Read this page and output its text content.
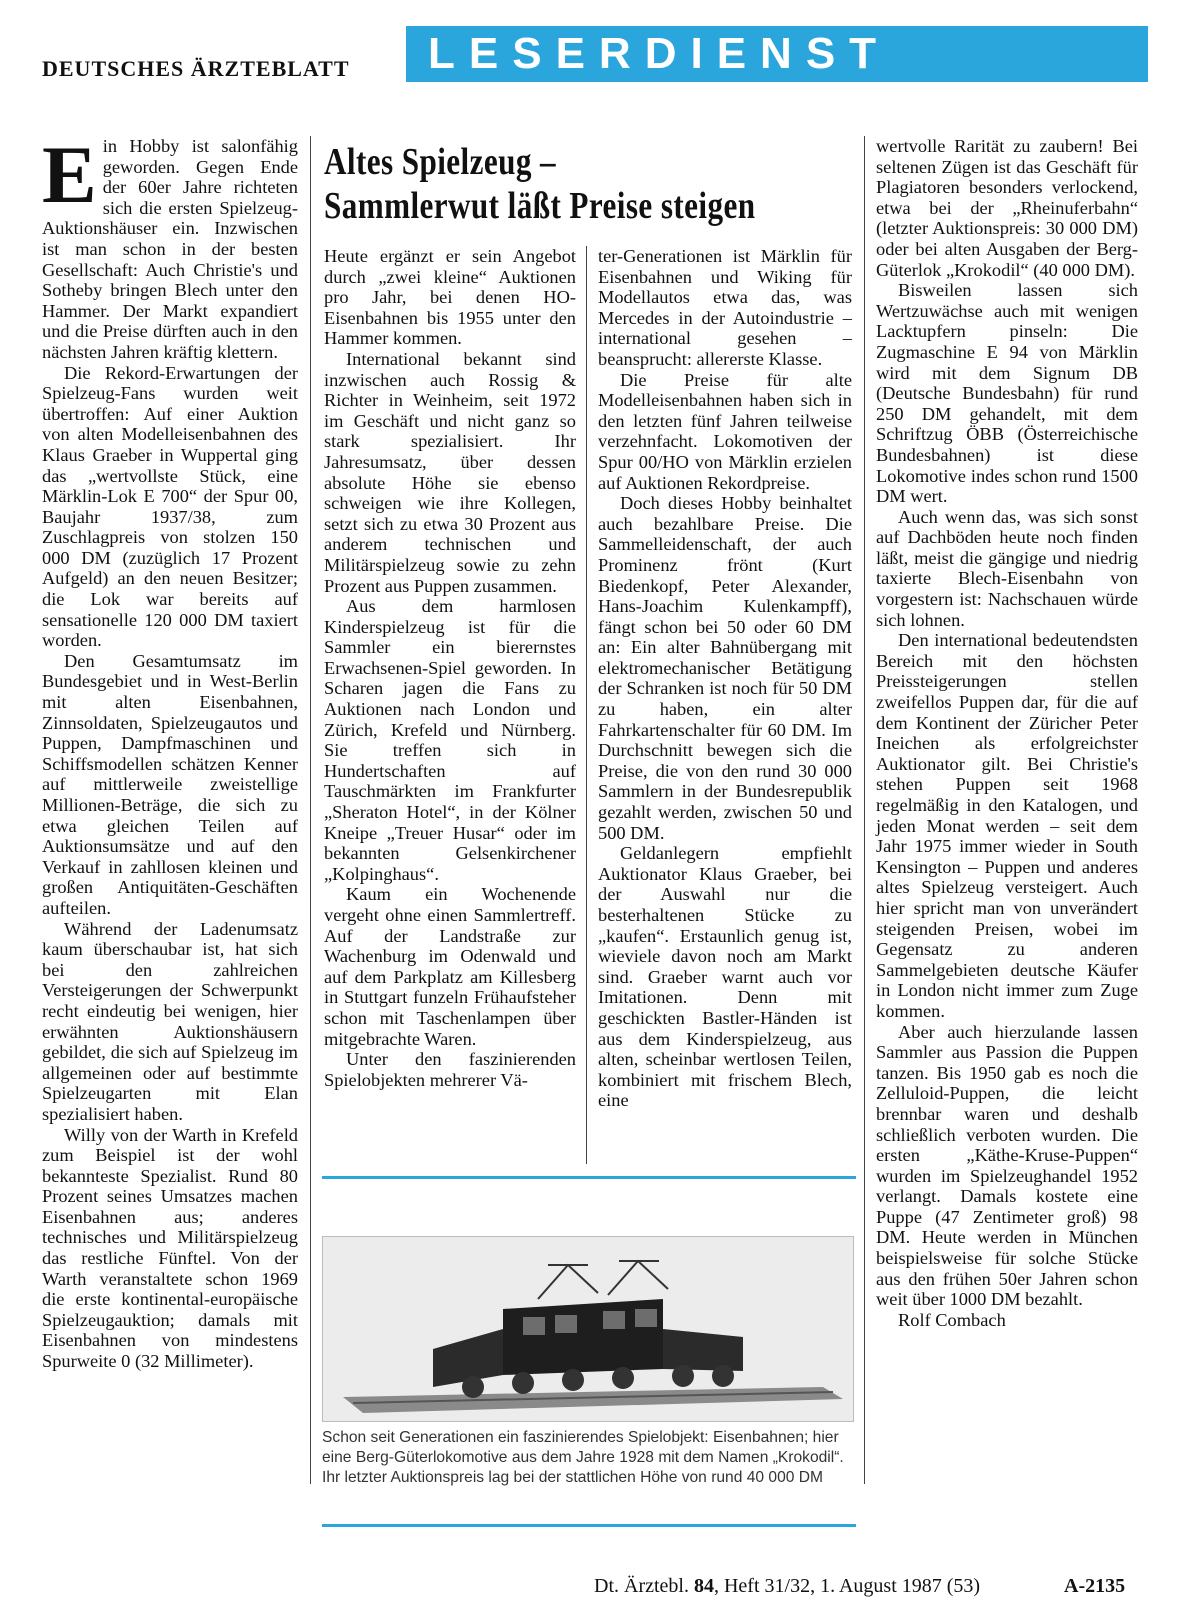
DEUTSCHES ÄRZTEBLATT LESERDIENST

Ein Hobby ist salonfähig geworden. Gegen Ende der 60er Jahre richteten sich die ersten Spielzeug-Auktionshäuser ein. Inzwischen ist man schon in der besten Gesellschaft: Auch Christie's und Sotheby bringen Blech unter den Hammer. Der Markt expandiert und die Preise dürften auch in den nächsten Jahren kräftig klettern.

Die Rekord-Erwartungen der Spielzeug-Fans wurden weit übertroffen: Auf einer Auktion von alten Modelleisenbahnen des Klaus Graeber in Wuppertal ging das „wertvollste Stück, eine Märklin-Lok E 700“ der Spur 00, Baujahr 1937/38, zum Zuschlagpreis von stolzen 150 000 DM (zuzüglich 17 Prozent Aufgeld) an den neuen Besitzer; die Lok war bereits auf sensationelle 120 000 DM taxiert worden.

Den Gesamtumsatz im Bundesgebiet und in West-Berlin mit alten Eisenbahnen, Zinnsoldaten, Spielzeugautos und Puppen, Dampfmaschinen und Schiffsmodellen schätzen Kenner auf mittlerweile zweistellige Millionen-Beträge, die sich zu etwa gleichen Teilen auf Auktionsumsätze und auf den Verkauf in zahllosen kleinen und großen Antiquitäten-Geschäften aufteilen.

Während der Ladenumsatz kaum überschaubar ist, hat sich bei den zahlreichen Versteigerungen der Schwerpunkt recht eindeutig bei wenigen, hier erwähnten Auktionshäusern gebildet, die sich auf Spielzeug im allgemeinen oder auf bestimmte Spielzeugarten mit Elan spezialisiert haben.

Willy von der Warth in Krefeld zum Beispiel ist der wohl bekannteste Spezialist. Rund 80 Prozent seines Umsatzes machen Eisenbahnen aus; anderes technisches und Militärspielzeug das restliche Fünftel. Von der Warth veranstaltete schon 1969 die erste kontinental-europäische Spielzeugauktion; damals mit Eisenbahnen von mindestens Spurweite 0 (32 Millimeter).

Altes Spielzeug –
Sammlerwut läßt Preise steigen

Heute ergänzt er sein Angebot durch „zwei kleine“ Auktionen pro Jahr, bei denen HO-Eisenbahnen bis 1955 unter den Hammer kommen.

International bekannt sind inzwischen auch Rossig & Richter in Weinheim, seit 1972 im Geschäft und nicht ganz so stark spezialisiert. Ihr Jahresumsatz, über dessen absolute Höhe sie ebenso schweigen wie ihre Kollegen, setzt sich zu etwa 30 Prozent aus anderem technischen und Militärspielzeug sowie zu zehn Prozent aus Puppen zusammen.

Aus dem harmlosen Kinderspielzeug ist für die Sammler ein bierernstes Erwachsenen-Spiel geworden. In Scharen jagen die Fans zu Auktionen nach London und Zürich, Krefeld und Nürnberg. Sie treffen sich in Hundertschaften auf Tauschmärkten im Frankfurter „Sheraton Hotel“, in der Kölner Kneipe „Treuer Husar“ oder im bekannten Gelsenkirchener „Kolpinghaus“.

Kaum ein Wochenende vergeht ohne einen Sammlertreff. Auf der Landstraße zur Wachenburg im Odenwald und auf dem Parkplatz am Killesberg in Stuttgart funzeln Frühaufsteher schon mit Taschenlampen über mitgebrachte Waren.

Unter den faszinierenden Spielobjekten mehrerer Vä-

ter-Generationen ist Märklin für Eisenbahnen und Wiking für Modellautos etwa das, was Mercedes in der Autoindustrie – international gesehen – beansprucht: allererste Klasse.

Die Preise für alte Modelleisenbahnen haben sich in den letzten fünf Jahren teilweise verzehnfacht. Lokomotiven der Spur 00/HO von Märklin erzielen auf Auktionen Rekordpreise.

Doch dieses Hobby beinhaltet auch bezahlbare Preise. Die Sammelleidenschaft, der auch Prominenz frönt (Kurt Biedenkopf, Peter Alexander, Hans-Joachim Kulenkampff), fängt schon bei 50 oder 60 DM an: Ein alter Bahnübergang mit elektromechanischer Betätigung der Schranken ist noch für 50 DM zu haben, ein alter Fahrkartenschalter für 60 DM. Im Durchschnitt bewegen sich die Preise, die von den rund 30 000 Sammlern in der Bundesrepublik gezahlt werden, zwischen 50 und 500 DM.

Geldanlegern empfiehlt Auktionator Klaus Graeber, bei der Auswahl nur die besterhaltenen Stücke zu „kaufen“. Erstaunlich genug ist, wieviele davon noch am Markt sind. Graeber warnt auch vor Imitationen. Denn mit geschickten Bastler-Händen ist aus dem Kinderspielzeug, aus alten, scheinbar wertlosen Teilen, kombiniert mit frischem Blech, eine

Schon seit Generationen ein faszinierendes Spielobjekt: Eisenbahnen; hier eine Berg-Güterlokomotive aus dem Jahre 1928 mit dem Namen „Krokodil“. Ihr letzter Auktionspreis lag bei der stattlichen Höhe von rund 40 000 DM

wertvolle Rarität zu zaubern! Bei seltenen Zügen ist das Geschäft für Plagiatoren besonders verlockend, etwa bei der „Rheinuferbahn“ (letzter Auktionspreis: 30 000 DM) oder bei alten Ausgaben der Berg-Güterlok „Krokodil“ (40 000 DM).

Bisweilen lassen sich Wertzuwächse auch mit wenigen Lacktupfern pinseln: Die Zugmaschine E 94 von Märklin wird mit dem Signum DB (Deutsche Bundesbahn) für rund 250 DM gehandelt, mit dem Schriftzug ÖBB (Österreichische Bundesbahnen) ist diese Lokomotive indes schon rund 1500 DM wert.

Auch wenn das, was sich sonst auf Dachböden heute noch finden läßt, meist die gängige und niedrig taxierte Blech-Eisenbahn von vorgestern ist: Nachschauen würde sich lohnen.

Den international bedeutendsten Bereich mit den höchsten Preissteigerungen stellen zweifellos Puppen dar, für die auf dem Kontinent der Züricher Peter Ineichen als erfolgreichster Auktionator gilt. Bei Christie's stehen Puppen seit 1968 regelmäßig in den Katalogen, und jeden Monat werden – seit dem Jahr 1975 immer wieder in South Kensington – Puppen und anderes altes Spielzeug versteigert. Auch hier spricht man von unverändert steigenden Preisen, wobei im Gegensatz zu anderen Sammelgebieten deutsche Käufer in London nicht immer zum Zuge kommen.

Aber auch hierzulande lassen Sammler aus Passion die Puppen tanzen. Bis 1950 gab es noch die Zelluloid-Puppen, die leicht brennbar waren und deshalb schließlich verboten wurden. Die ersten „Käthe-Kruse-Puppen“ wurden im Spielzeughandel 1952 verlangt. Damals kostete eine Puppe (47 Zentimeter groß) 98 DM. Heute werden in München beispielsweise für solche Stücke aus den frühen 50er Jahren schon weit über 1000 DM bezahlt.

Rolf Combach

Dt. Ärztebl. 84, Heft 31/32, 1. August 1987 (53)	A-2135
